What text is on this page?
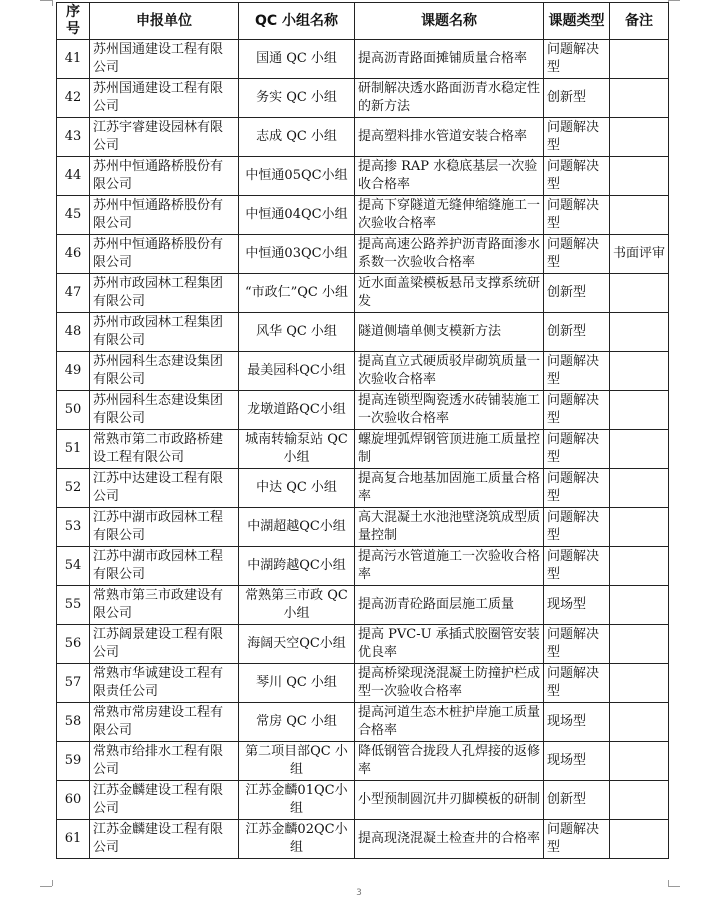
序号	申报单位	QC 小组名称	课题名称	课题类型	备注
41	苏州国通建设工程有限公司	国通 QC 小组	提高沥青路面摊铺质量合格率	问题解决型	
42	苏州国通建设工程有限公司	务实 QC 小组	研制解决透水路面沥青水稳定性的新方法	创新型	
43	江苏宇睿建设园林有限公司	志成 QC 小组	提高塑料排水管道安装合格率	问题解决型	
44	苏州中恒通路桥股份有限公司	中恒通05QC小组	提高掺 RAP 水稳底基层一次验收合格率	问题解决型	
45	苏州中恒通路桥股份有限公司	中恒通04QC小组	提高下穿隧道无缝伸缩缝施工一次验收合格率	问题解决型	
46	苏州中恒通路桥股份有限公司	中恒通03QC小组	提高高速公路养护沥青路面渗水系数一次验收合格率	问题解决型	书面评审
47	苏州市政园林工程集团有限公司	“市政仁”QC 小组	近水面盖梁模板悬吊支撑系统研发	创新型	
48	苏州市政园林工程集团有限公司	风华 QC 小组	隧道侧墙单侧支模新方法	创新型	
49	苏州园科生态建设集团有限公司	最美园科QC小组	提高直立式硬质驳岸砌筑质量一次验收合格率	问题解决型	
50	苏州园科生态建设集团有限公司	龙墩道路QC小组	提高连锁型陶瓷透水砖铺装施工一次验收合格率	问题解决型	
51	常熟市第二市政路桥建设工程有限公司	城南转输泵站 QC 小组	螺旋埋弧焊钢管顶进施工质量控制	问题解决型	
52	江苏中达建设工程有限公司	中达 QC 小组	提高复合地基加固施工质量合格率	问题解决型	
53	江苏中湖市政园林工程有限公司	中湖超越QC小组	高大混凝土水池池壁浇筑成型质量控制	问题解决型	
54	江苏中湖市政园林工程有限公司	中湖跨越QC小组	提高污水管道施工一次验收合格率	问题解决型	
55	常熟市第三市政建设有限公司	常熟第三市政 QC 小组	提高沥青砼路面层施工质量	现场型	
56	江苏阔景建设工程有限公司	海阔天空QC小组	提高 PVC-U 承插式胶圈管安装优良率	问题解决型	
57	常熟市华诚建设工程有限责任公司	琴川 QC 小组	提高桥梁现浇混凝土防撞护栏成型一次验收合格率	问题解决型	
58	常熟市常房建设工程有限公司	常房 QC 小组	提高河道生态木桩护岸施工质量合格率	现场型	
59	常熟市给排水工程有限公司	第二项目部QC 小组	降低钢管合拢段人孔焊接的返修率	现场型	
60	江苏金麟建设工程有限公司	江苏金麟01QC小组	小型预制圆沉井刃脚模板的研制	创新型	
61	江苏金麟建设工程有限公司	江苏金麟02QC小组	提高现浇混凝土检查井的合格率	问题解决型	
3
